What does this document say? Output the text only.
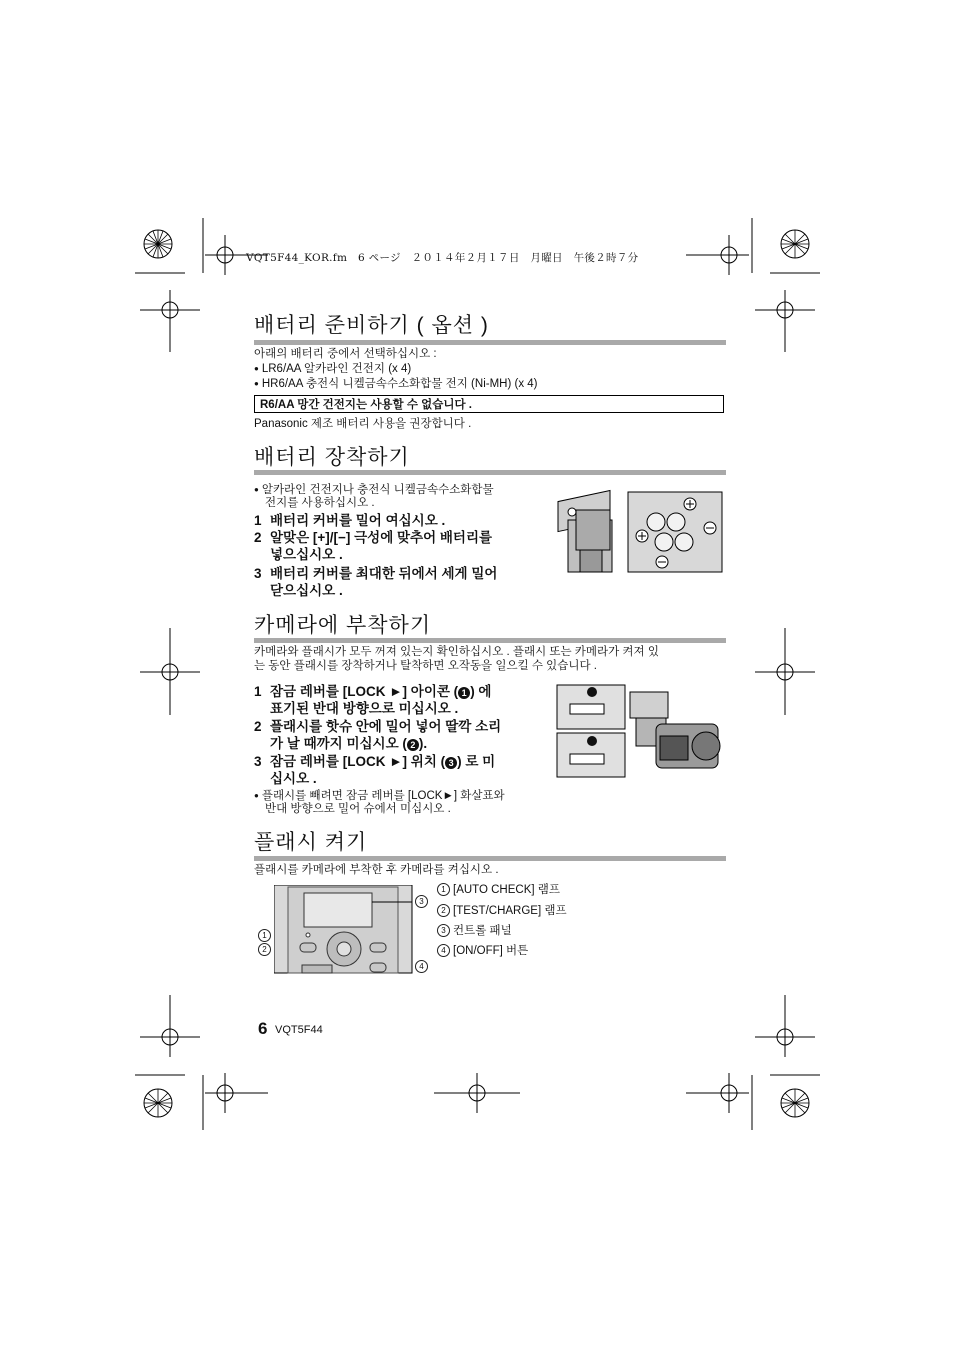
VQT5F44_KOR.fm　6 ページ　２０１４年２月１７日　月曜日　午後２時７分
배터리 준비하기 ( 옵션 )
아래의 배터리 중에서 선택하십시오 :
● LR6/AA 알카라인 건전지 (x 4)
● HR6/AA 충전식 니켈금속수소화합물 전지 (Ni-MH) (x 4)
R6/AA 망간 건전지는 사용할 수 없습니다 .
Panasonic 제조 배터리 사용을 권장합니다 .
배터리 장착하기
● 알카라인 건전지나 충전식 니켈금속수소화합물
전지를 사용하십시오 .
1 배터리 커버를 밀어 여십시오 .
2 알맞은 [+]/[−] 극성에 맞추어 배터리를
넣으십시오 .
3 배터리 커버를 최대한 뒤에서 세게 밀어
닫으십시오 .
카메라에 부착하기
카메라와 플래시가 모두 꺼져 있는지 확인하십시오 . 플래시 또는 카메라가 켜져 있
는 동안 플래시를 장착하거나 탈착하면 오작동을 일으킬 수 있습니다 .
1 잠금 레버를 [LOCK ►] 아이콘 ( 1 ) 에
표기된 반대 방향으로 미십시오 .
2 플래시를 핫슈 안에 밀어 넣어 딸깍 소리
가 날 때까지 미십시오 ( 2 ).
3 잠금 레버를 [LOCK ►] 위치 ( 3 ) 로 미
십시오 .
● 플래시를 빼려면 잠금 레버를 [LOCK►] 화살표와
반대 방향으로 밀어 슈에서 미십시오 .
플래시 켜기
플래시를 카메라에 부착한 후 카메라를 켜십시오 .
1
2
3
4
1 [AUTO CHECK] 램프
2 [TEST/CHARGE] 램프
3 컨트롤 패널
4 [ON/OFF] 버튼
6 VQT5F44
